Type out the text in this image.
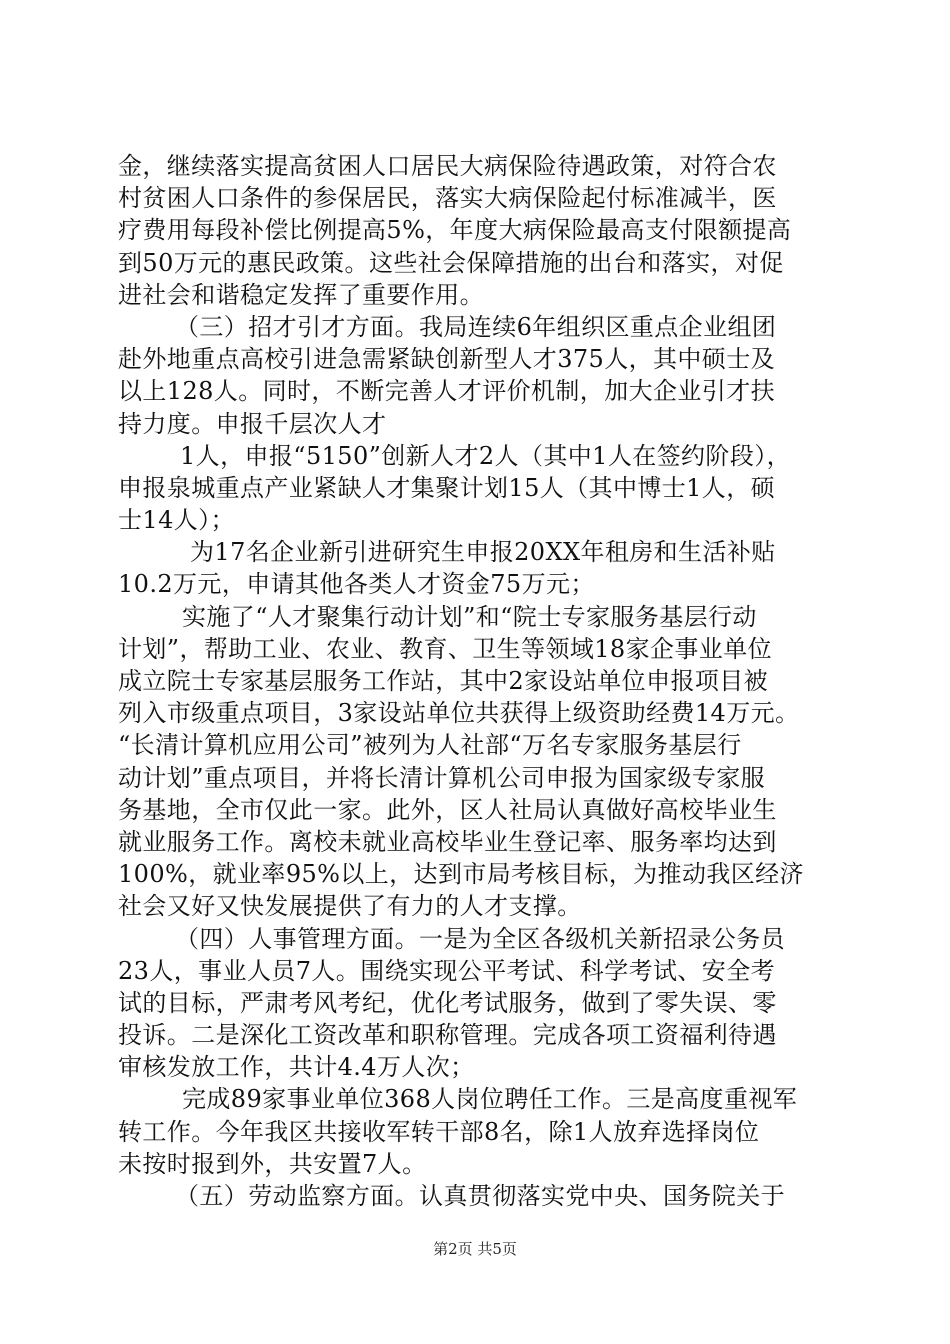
金，继续落实提高贫困人口居民大病保险待遇政策，对符合农
村贫困人口条件的参保居民，落实大病保险起付标准减半，医
疗费用每段补偿比例提高5%，年度大病保险最高支付限额提高
到50万元的惠民政策。这些社会保障措施的出台和落实，对促
进社会和谐稳定发挥了重要作用。
（三）招才引才方面。我局连续6年组织区重点企业组团
赴外地重点高校引进急需紧缺创新型人才375人，其中硕士及
以上128人。同时，不断完善人才评价机制，加大企业引才扶
持力度。申报千层次人才
1人，申报“5150”创新人才2人（其中1人在签约阶段），
申报泉城重点产业紧缺人才集聚计划15人（其中博士1人，硕
士14人）；
为17名企业新引进研究生申报20XX年租房和生活补贴
10.2万元，申请其他各类人才资金75万元；
实施了“人才聚集行动计划”和“院士专家服务基层行动
计划”，帮助工业、农业、教育、卫生等领域18家企事业单位
成立院士专家基层服务工作站，其中2家设站单位申报项目被
列入市级重点项目，3家设站单位共获得上级资助经费14万元。
“长清计算机应用公司”被列为人社部“万名专家服务基层行
动计划”重点项目，并将长清计算机公司申报为国家级专家服
务基地，全市仅此一家。此外，区人社局认真做好高校毕业生
就业服务工作。离校未就业高校毕业生登记率、服务率均达到
100%，就业率95%以上，达到市局考核目标，为推动我区经济
社会又好又快发展提供了有力的人才支撑。
（四）人事管理方面。一是为全区各级机关新招录公务员
23人，事业人员7人。围绕实现公平考试、科学考试、安全考
试的目标，严肃考风考纪，优化考试服务，做到了零失误、零
投诉。二是深化工资改革和职称管理。完成各项工资福利待遇
审核发放工作，共计4.4万人次；
完成89家事业单位368人岗位聘任工作。三是高度重视军
转工作。今年我区共接收军转干部8名，除1人放弃选择岗位
未按时报到外，共安置7人。
（五）劳动监察方面。认真贯彻落实党中央、国务院关于
第2页 共5页
